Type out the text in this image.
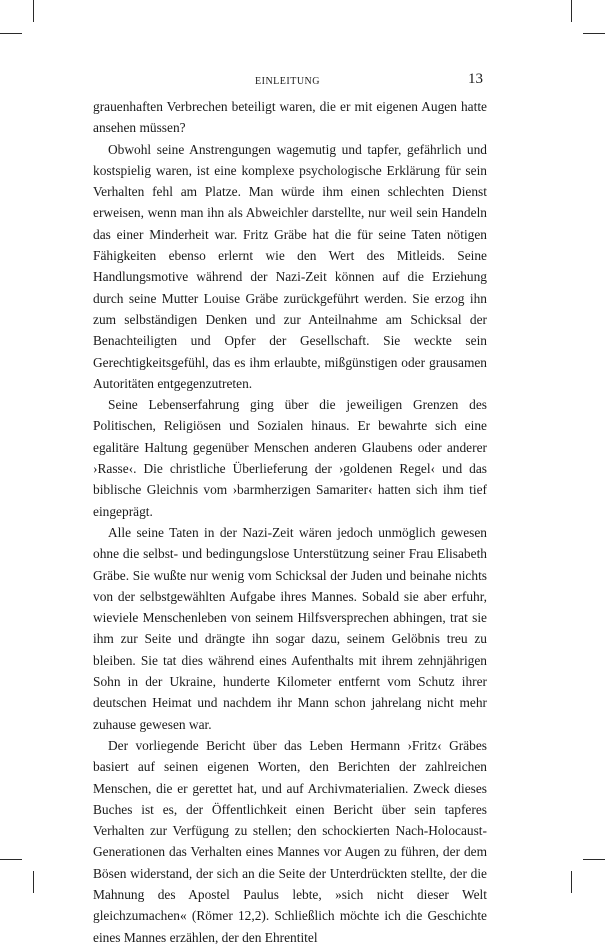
EINLEITUNG	13

grauenhaften Verbrechen beteiligt waren, die er mit eigenen Augen hatte ansehen müssen?

Obwohl seine Anstrengungen wagemutig und tapfer, gefährlich und kostspielig waren, ist eine komplexe psychologische Erklärung für sein Verhalten fehl am Platze. Man würde ihm einen schlechten Dienst erweisen, wenn man ihn als Abweichler darstellte, nur weil sein Handeln das einer Minderheit war. Fritz Gräbe hat die für seine Taten nötigen Fähigkeiten ebenso erlernt wie den Wert des Mitleids. Seine Handlungsmotive während der Nazi-Zeit können auf die Erziehung durch seine Mutter Louise Gräbe zurückgeführt werden. Sie erzog ihn zum selbständigen Denken und zur Anteilnahme am Schicksal der Benachteiligten und Opfer der Gesellschaft. Sie weckte sein Gerechtigkeitsgefühl, das es ihm erlaubte, mißgünstigen oder grausamen Autoritäten entgegenzutreten.

Seine Lebenserfahrung ging über die jeweiligen Grenzen des Politischen, Religiösen und Sozialen hinaus. Er bewahrte sich eine egalitäre Haltung gegenüber Menschen anderen Glaubens oder anderer ›Rasse‹. Die christliche Überlieferung der ›goldenen Regel‹ und das biblische Gleichnis vom ›barmherzigen Samariter‹ hatten sich ihm tief eingeprägt.

Alle seine Taten in der Nazi-Zeit wären jedoch unmöglich gewesen ohne die selbst- und bedingungslose Unterstützung seiner Frau Elisabeth Gräbe. Sie wußte nur wenig vom Schicksal der Juden und beinahe nichts von der selbstgewählten Aufgabe ihres Mannes. Sobald sie aber erfuhr, wieviele Menschenleben von seinem Hilfsversprechen abhingen, trat sie ihm zur Seite und drängte ihn sogar dazu, seinem Gelöbnis treu zu bleiben. Sie tat dies während eines Aufenthalts mit ihrem zehnjährigen Sohn in der Ukraine, hunderte Kilometer entfernt vom Schutz ihrer deutschen Heimat und nachdem ihr Mann schon jahrelang nicht mehr zuhause gewesen war.

Der vorliegende Bericht über das Leben Hermann ›Fritz‹ Gräbes basiert auf seinen eigenen Worten, den Berichten der zahlreichen Menschen, die er gerettet hat, und auf Archivmaterialien. Zweck dieses Buches ist es, der Öffentlichkeit einen Bericht über sein tapferes Verhalten zur Verfügung zu stellen; den schockierten Nach-Holocaust-Generationen das Verhalten eines Mannes vor Augen zu führen, der dem Bösen widerstand, der sich an die Seite der Unterdrückten stellte, der die Mahnung des Apostel Paulus lebte, »sich nicht dieser Welt gleichzumachen« (Römer 12,2). Schließlich möchte ich die Geschichte eines Mannes erzählen, der den Ehrentitel
